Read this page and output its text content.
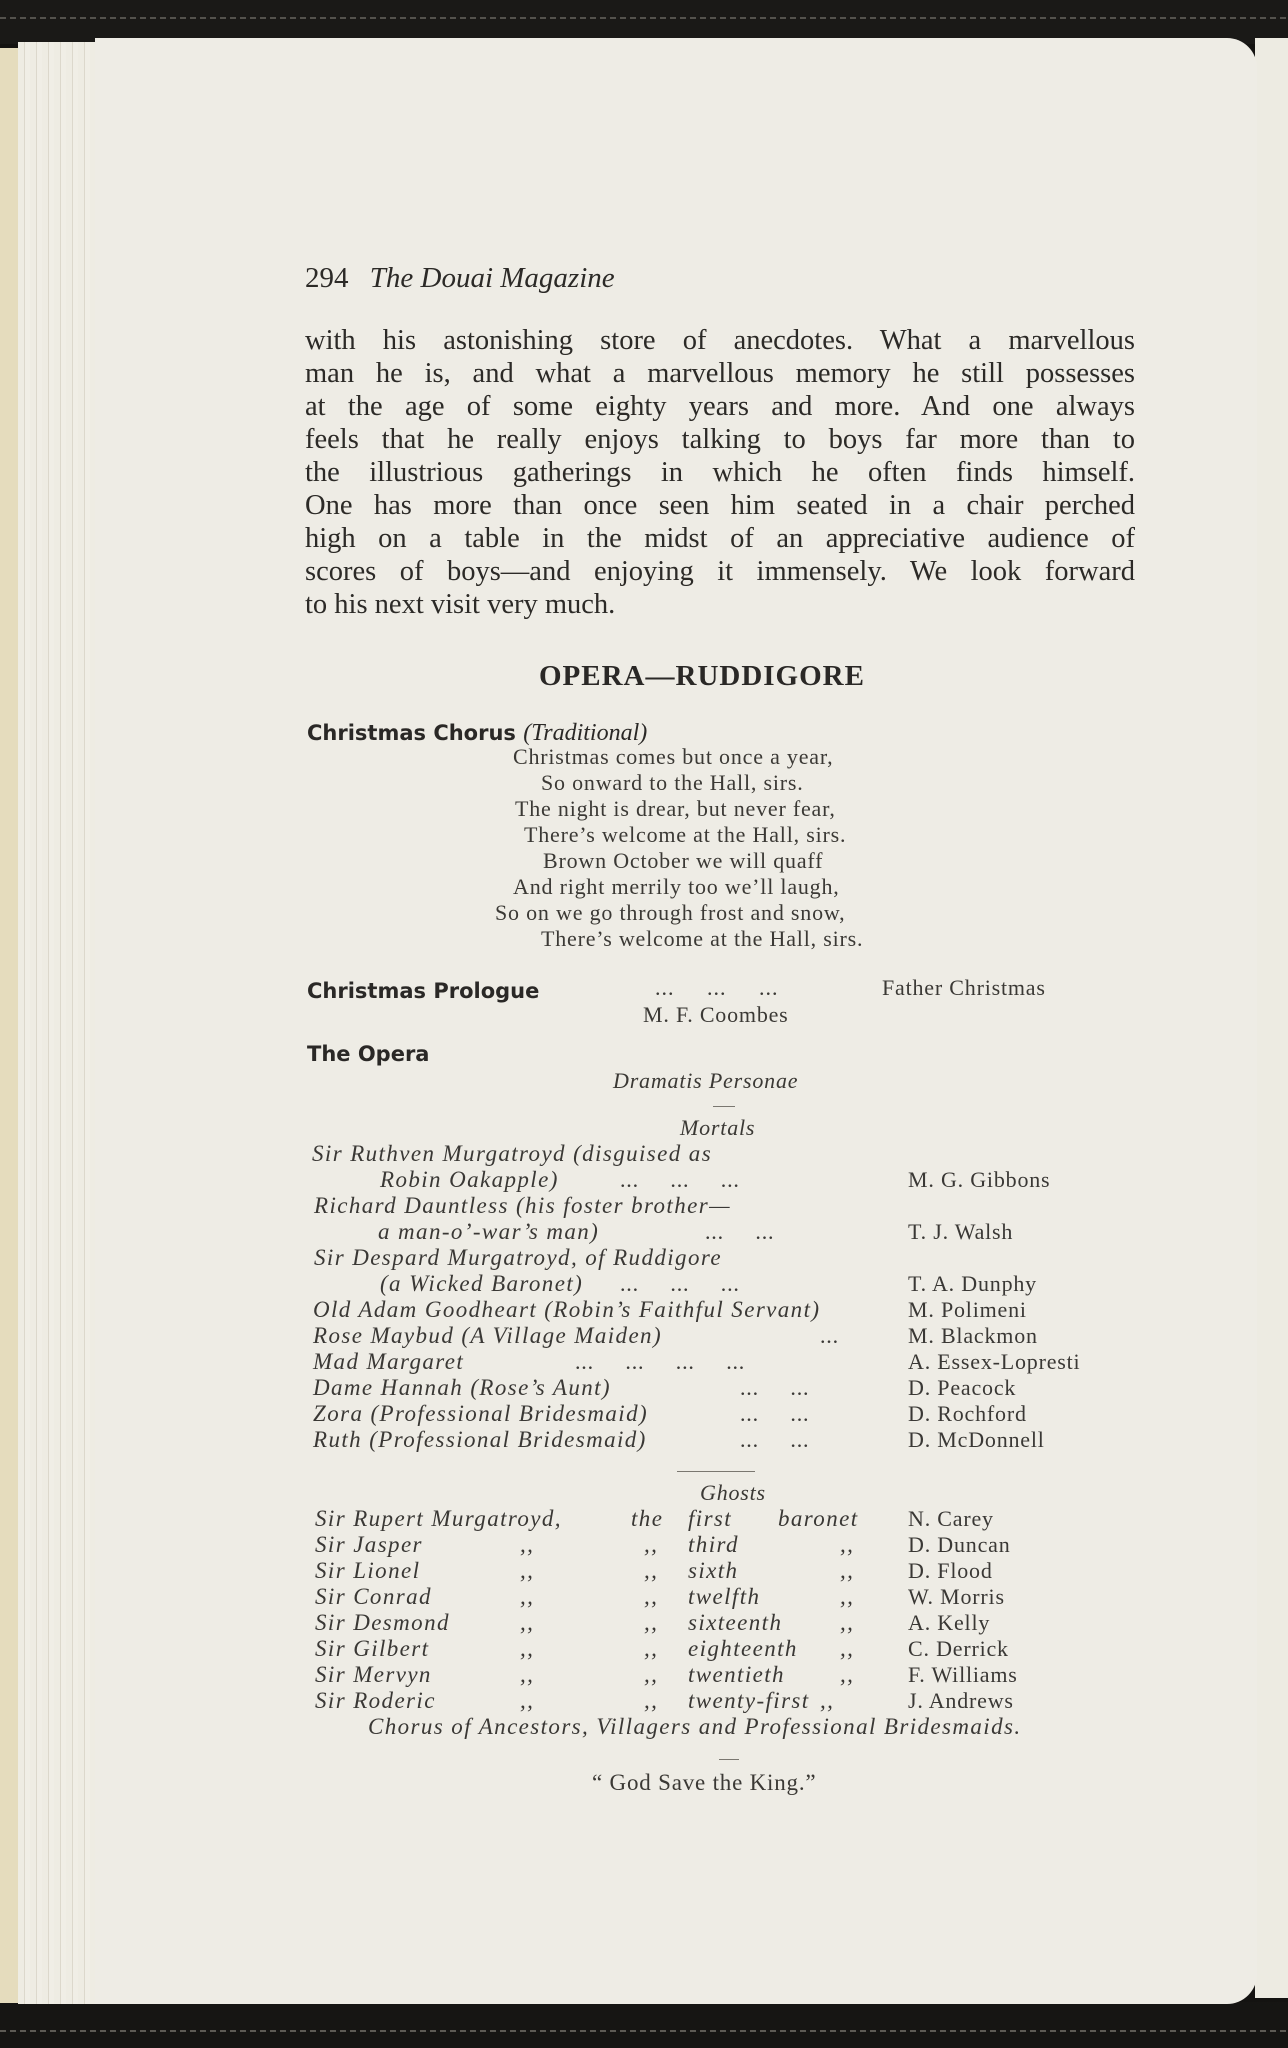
294 The Douai Magazine
with his astonishing store of anecdotes. What a marvellous
man he is, and what a marvellous memory he still possesses
at the age of some eighty years and more. And one always
feels that he really enjoys talking to boys far more than to
the illustrious gatherings in which he often finds himself.
One has more than once seen him seated in a chair perched
high on a table in the midst of an appreciative audience of
scores of boys—and enjoying it immensely. We look forward
to his next visit very much.
OPERA—RUDDIGORE
Christmas Chorus (Traditional)
Christmas comes but once a year,
So onward to the Hall, sirs.
The night is drear, but never fear,
There’s welcome at the Hall, sirs.
Brown October we will quaff
And right merrily too we’ll laugh,
So on we go through frost and snow,
There’s welcome at the Hall, sirs.
Christmas Prologue	...     ...     ...	Father Christmas
M. F. Coombes
The Opera
Dramatis Personae
Mortals
Sir Ruthven Murgatroyd (disguised as
Robin Oakapple)	...     ...     ...	M. G. Gibbons
Richard Dauntless (his foster brother—
a man-o’-war’s man)	...     ...	T. J. Walsh
Sir Despard Murgatroyd, of Ruddigore
(a Wicked Baronet) ...     ...     ...	T. A. Dunphy
Old Adam Goodheart (Robin’s Faithful Servant)	M. Polimeni
Rose Maybud (A Village Maiden)	...	M. Blackmon
Mad Margaret	...     ...     ...     ...	A. Essex-Lopresti
Dame Hannah (Rose’s Aunt)	...     ...	D. Peacock
Zora (Professional Bridesmaid)	...     ...	D. Rochford
Ruth (Professional Bridesmaid)	...     ...	D. McDonnell
Ghosts
Sir Rupert Murgatroyd,	the first baronet N. Carey
Sir Jasper	,,	,, third	,, D. Duncan
Sir Lionel	,,	,, sixth	,, D. Flood
Sir Conrad	,,	,, twelfth	,, W. Morris
Sir Desmond	,,	,, sixteenth	,, A. Kelly
Sir Gilbert	,,	,, eighteenth ,, C. Derrick
Sir Mervyn	,,	,, twentieth ,, F. Williams
Sir Roderic	,,	,, twenty-first ,,	J. Andrews
Chorus of Ancestors, Villagers and Professional Bridesmaids.
“ God Save the King.”
